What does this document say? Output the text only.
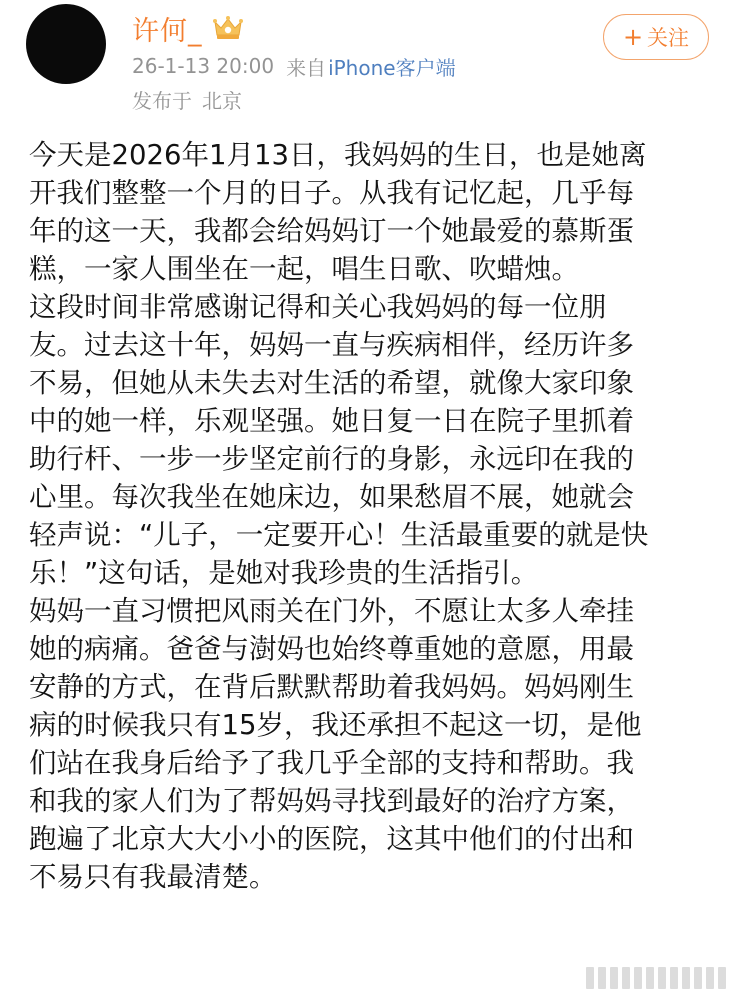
许何_
26-1-13 20:00 来自 iPhone客户端
发布于 北京
+ 关注
今天是2026年1月13日，我妈妈的生日，也是她离
开我们整整一个月的日子。从我有记忆起，几乎每
年的这一天，我都会给妈妈订一个她最爱的慕斯蛋
糕，一家人围坐在一起，唱生日歌、吹蜡烛。
这段时间非常感谢记得和关心我妈妈的每一位朋
友。过去这十年，妈妈一直与疾病相伴，经历许多
不易，但她从未失去对生活的希望，就像大家印象
中的她一样，乐观坚强。她日复一日在院子里抓着
助行杆、一步一步坚定前行的身影，永远印在我的
心里。每次我坐在她床边，如果愁眉不展，她就会
轻声说：“儿子，一定要开心！生活最重要的就是快
乐！”这句话，是她对我珍贵的生活指引。
妈妈一直习惯把风雨关在门外，不愿让太多人牵挂
她的病痛。爸爸与澍妈也始终尊重她的意愿，用最
安静的方式，在背后默默帮助着我妈妈。妈妈刚生
病的时候我只有15岁，我还承担不起这一切，是他
们站在我身后给予了我几乎全部的支持和帮助。我
和我的家人们为了帮妈妈寻找到最好的治疗方案，
跑遍了北京大大小小的医院，这其中他们的付出和
不易只有我最清楚。
